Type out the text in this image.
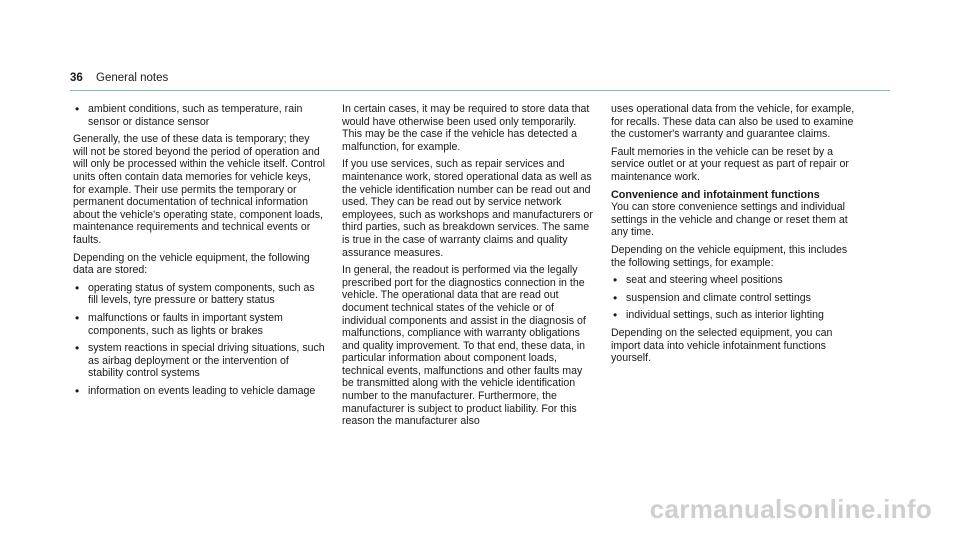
36 General notes
• ambient conditions, such as temperature, rain sensor or distance sensor

Generally, the use of these data is temporary; they will not be stored beyond the period of operation and will only be processed within the vehicle itself. Control units often contain data memories for vehicle keys, for example. Their use permits the temporary or permanent documentation of technical information about the vehicle's operating state, component loads, maintenance requirements and technical events or faults.

Depending on the vehicle equipment, the following data are stored:

• operating status of system components, such as fill levels, tyre pressure or battery status
• malfunctions or faults in important system components, such as lights or brakes
• system reactions in special driving situations, such as airbag deployment or the intervention of stability control systems
• information on events leading to vehicle damage

In certain cases, it may be required to store data that would have otherwise been used only temporarily. This may be the case if the vehicle has detected a malfunction, for example.

If you use services, such as repair services and maintenance work, stored operational data as well as the vehicle identification number can be read out and used. They can be read out by service network employees, such as workshops and manufacturers or third parties, such as breakdown services. The same is true in the case of warranty claims and quality assurance measures.

In general, the readout is performed via the legally prescribed port for the diagnostics connection in the vehicle. The operational data that are read out document technical states of the vehicle or of individual components and assist in the diagnosis of malfunctions, compliance with warranty obligations and quality improvement. To that end, these data, in particular information about component loads, technical events, malfunctions and other faults may be transmitted along with the vehicle identification number to the manufacturer. Furthermore, the manufacturer is subject to product liability. For this reason the manufacturer also

uses operational data from the vehicle, for example, for recalls. These data can also be used to examine the customer's warranty and guarantee claims.

Fault memories in the vehicle can be reset by a service outlet or at your request as part of repair or maintenance work.

Convenience and infotainment functions

You can store convenience settings and individual settings in the vehicle and change or reset them at any time.

Depending on the vehicle equipment, this includes the following settings, for example:

• seat and steering wheel positions
• suspension and climate control settings
• individual settings, such as interior lighting

Depending on the selected equipment, you can import data into vehicle infotainment functions yourself.

carmanualsonline.info
